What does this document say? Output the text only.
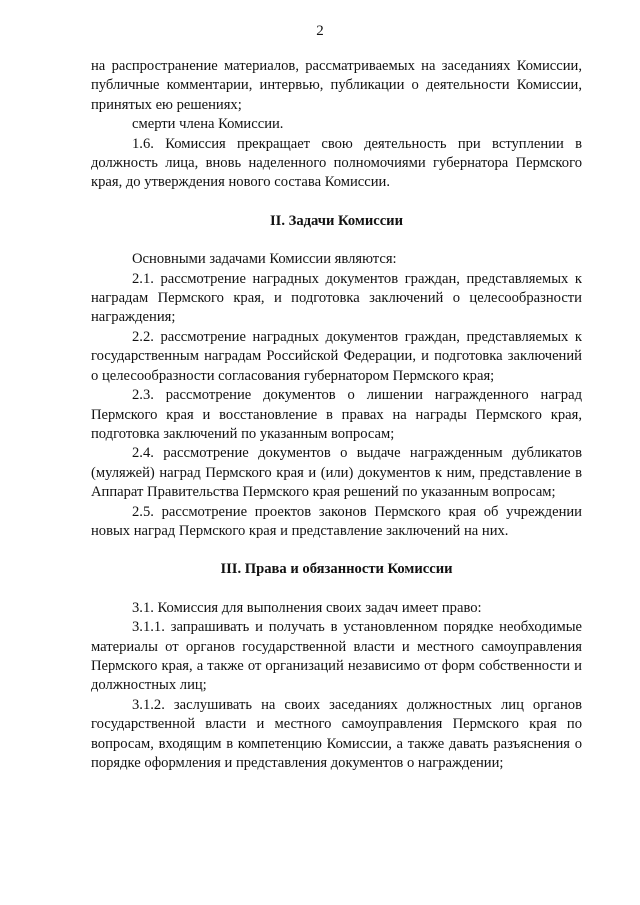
2

на распространение материалов, рассматриваемых на заседаниях Комиссии, публичные комментарии, интервью, публикации о деятельности Комиссии, принятых ею решениях;

смерти члена Комиссии.

1.6. Комиссия прекращает свою деятельность при вступлении в должность лица, вновь наделенного полномочиями губернатора Пермского края, до утверждения нового состава Комиссии.

II. Задачи Комиссии

Основными задачами Комиссии являются:

2.1. рассмотрение наградных документов граждан, представляемых к наградам Пермского края, и подготовка заключений о целесообразности награждения;

2.2. рассмотрение наградных документов граждан, представляемых к государственным наградам Российской Федерации, и подготовка заключений о целесообразности согласования губернатором Пермского края;

2.3. рассмотрение документов о лишении награжденного наград Пермского края и восстановление в правах на награды Пермского края, подготовка заключений по указанным вопросам;

2.4. рассмотрение документов о выдаче награжденным дубликатов (муляжей) наград Пермского края и (или) документов к ним, представление в Аппарат Правительства Пермского края решений по указанным вопросам;

2.5. рассмотрение проектов законов Пермского края об учреждении новых наград Пермского края и представление заключений на них.

III. Права и обязанности Комиссии

3.1. Комиссия для выполнения своих задач имеет право:

3.1.1. запрашивать и получать в установленном порядке необходимые материалы от органов государственной власти и местного самоуправления Пермского края, а также от организаций независимо от форм собственности и должностных лиц;

3.1.2. заслушивать на своих заседаниях должностных лиц органов государственной власти и местного самоуправления Пермского края по вопросам, входящим в компетенцию Комиссии, а также давать разъяснения о порядке оформления и представления документов о награждении;
